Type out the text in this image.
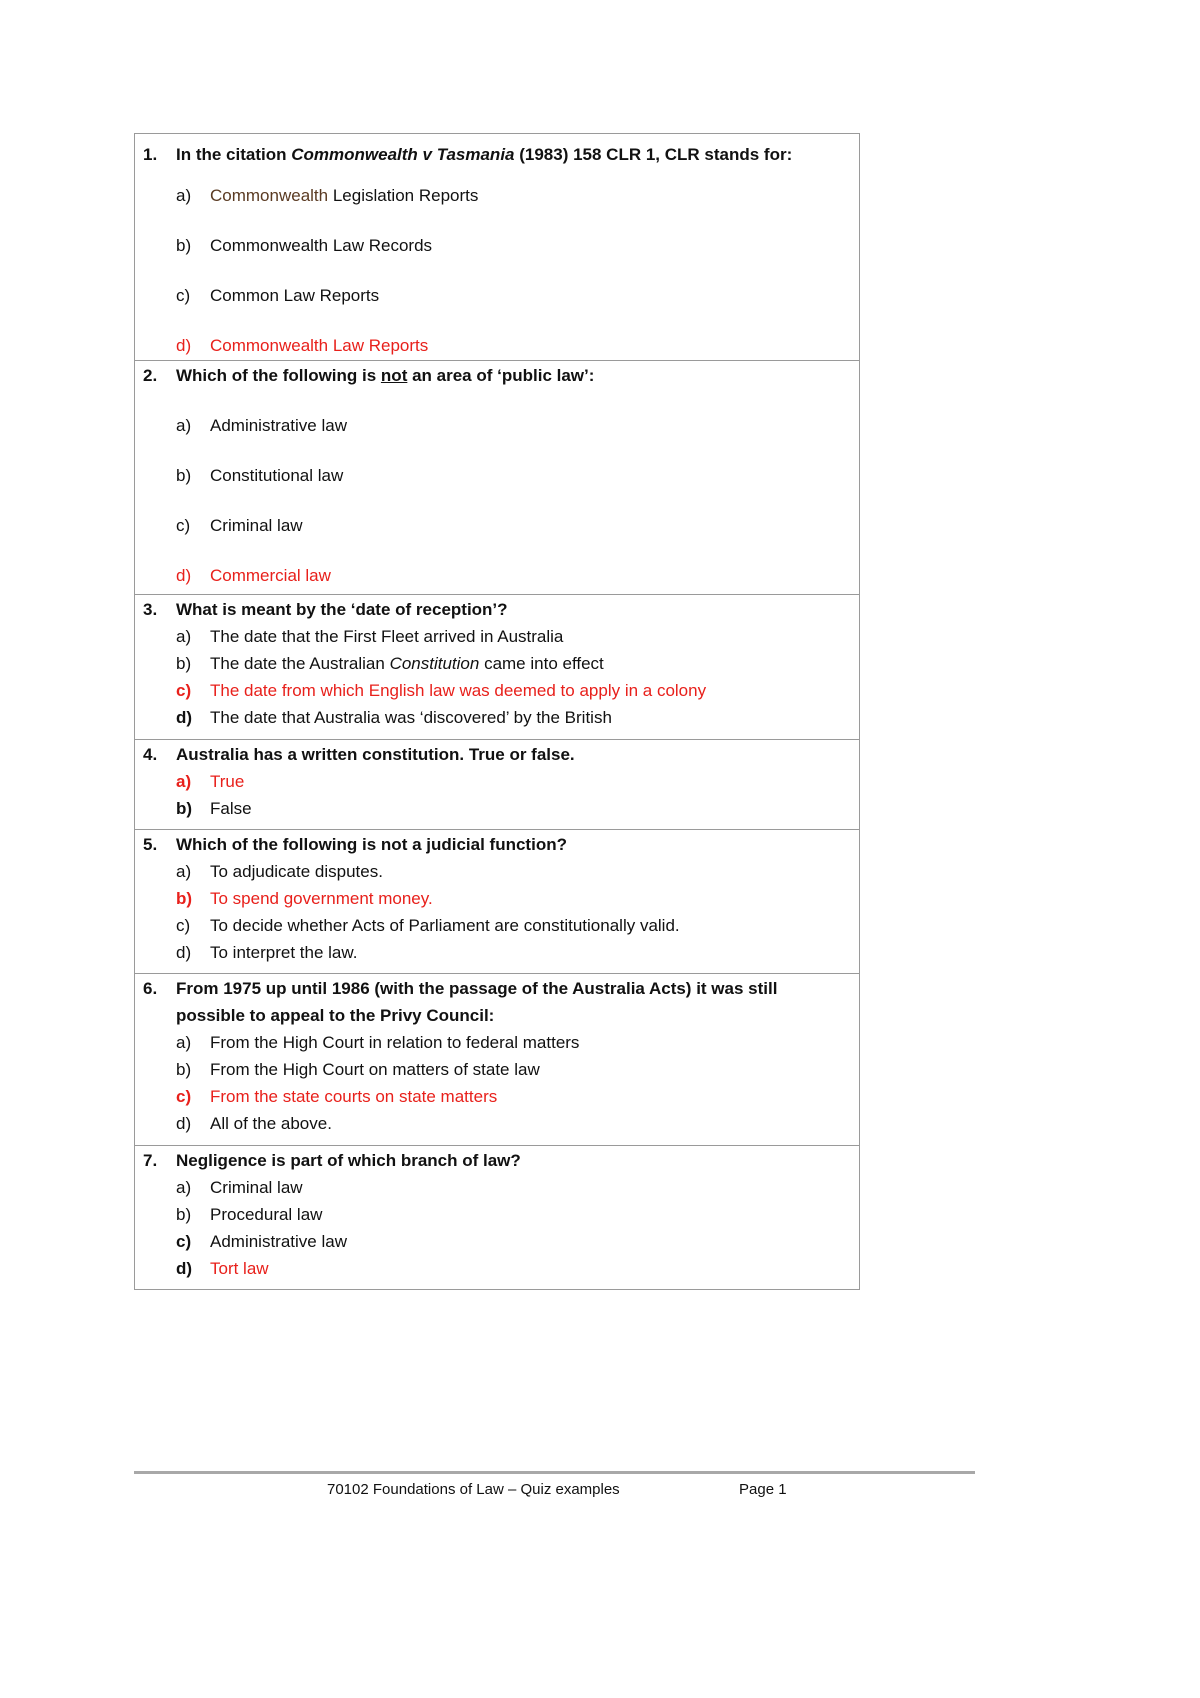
1. In the citation Commonwealth v Tasmania (1983) 158 CLR 1, CLR stands for:
a) Commonwealth Legislation Reports
b) Commonwealth Law Records
c) Common Law Reports
d) Commonwealth Law Reports
2. Which of the following is not an area of ‘public law’:
a) Administrative law
b) Constitutional law
c) Criminal law
d) Commercial law
3. What is meant by the ‘date of reception’?
a) The date that the First Fleet arrived in Australia
b) The date the Australian Constitution came into effect
c) The date from which English law was deemed to apply in a colony
d) The date that Australia was ‘discovered’ by the British
4. Australia has a written constitution. True or false.
a) True
b) False
5. Which of the following is not a judicial function?
a) To adjudicate disputes.
b) To spend government money.
c) To decide whether Acts of Parliament are constitutionally valid.
d) To interpret the law.
6. From 1975 up until 1986 (with the passage of the Australia Acts) it was still possible to appeal to the Privy Council:
a) From the High Court in relation to federal matters
b) From the High Court on matters of state law
c) From the state courts on state matters
d) All of the above.
7. Negligence is part of which branch of law?
a) Criminal law
b) Procedural law
c) Administrative law
d) Tort law
70102 Foundations of Law – Quiz examples	Page 1
